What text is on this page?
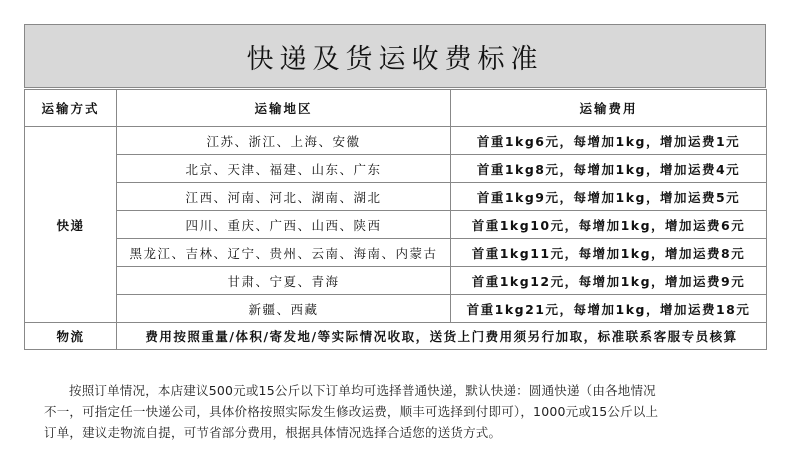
快递及货运收费标准
运输方式	运输地区	运输费用
快递	江苏、浙江、上海、安徽	首重1kg6元，每增加1kg，增加运费1元
	北京、天津、福建、山东、广东	首重1kg8元，每增加1kg，增加运费4元
	江西、河南、河北、湖南、湖北	首重1kg9元，每增加1kg，增加运费5元
	四川、重庆、广西、山西、陕西	首重1kg10元，每增加1kg，增加运费6元
	黑龙江、吉林、辽宁、贵州、云南、海南、内蒙古	首重1kg11元，每增加1kg，增加运费8元
	甘肃、宁夏、青海	首重1kg12元，每增加1kg，增加运费9元
	新疆、西藏	首重1kg21元，每增加1kg，增加运费18元
物流	费用按照重量/体积/寄发地/等实际情况收取，送货上门费用须另行加取，标准联系客服专员核算	

按照订单情况，本店建议500元或15公斤以下订单均可选择普通快递，默认快递：圆通快递（由各地情况

不一，可指定任一快递公司，具体价格按照实际发生修改运费，顺丰可选择到付即可），1000元或15公斤以上

订单，建议走物流自提，可节省部分费用，根据具体情况选择合适您的送货方式。
